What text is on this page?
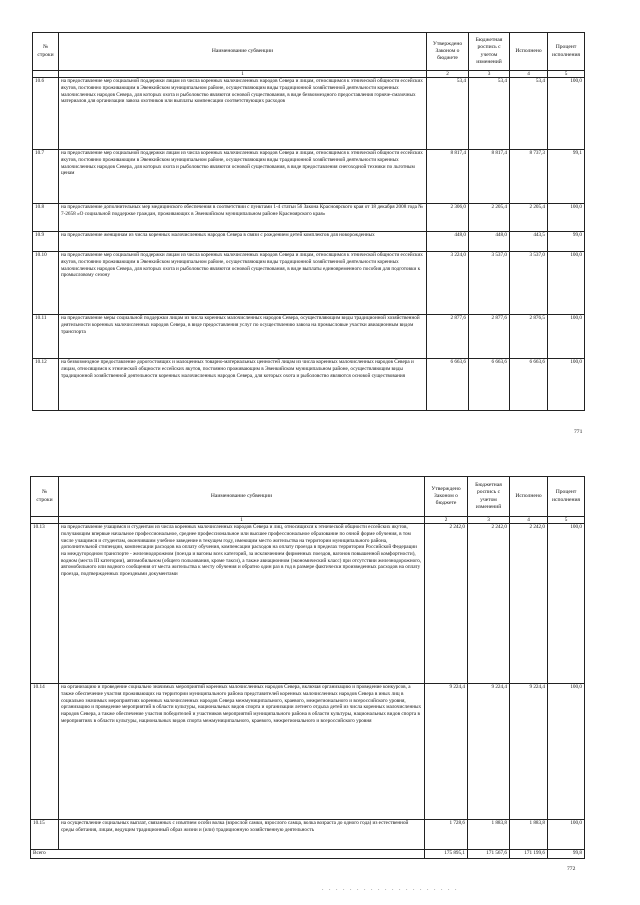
№ строки	Наименование субвенции	Утверждено Законом о бюджете	Бюджетная роспись с учетом изменений	Исполнено	Процент исполнения
	1	2	3	4	5
10.6	на предоставление мер социальной поддержки лицам из числа коренных малочисленных народов Севера и лицам, относящимся к этнической общности ессейских якутов, постоянно проживающим в Эвенкийском муниципальном районе, осуществляющим виды традиционной хозяйственной деятельности коренных малочисленных народов Севера, для которых охота и рыболовство являются основой существования, в виде безвозмездного предоставления горюче-смазочных материалов для организации завоза охотников или выплаты компенсации соответствующих расходов	53,4	53,4	53,4	100,0
10.7	на предоставление мер социальной поддержки лицам из числа коренных малочисленных народов Севера и лицам, относящимся к этнической общности ессейских якутов, постоянно проживающим в Эвенкийском муниципальном районе, осуществляющим виды традиционной хозяйственной деятельности коренных малочисленных народов Севера, для которых охота и рыболовство являются основой существования, в виде предоставления снегоходной техники по льготным ценам	8 817,4	8 817,4	8 737,3	99,1
10.8	на предоставление дополнительных мер медицинского обеспечения в соответствии с пунктами 1-4 статьи 56 Закона Красноярского края от 18 декабря 2008 года № 7-2658 «О социальной поддержке граждан, проживающих в Эвенкийском муниципальном районе Красноярского края»	2 306,0	2 205,4	2 205,4	100,0
10.9	на предоставление женщинам из числа коренных малочисленных народов Севера в связи с рождением детей комплектов для новорожденных	448,0	448,0	443,5	99,0
10.10	на предоставление мер социальной поддержки лицам из числа коренных малочисленных народов Севера и лицам, относящимся к этнической общности ессейских якутов, постоянно проживающим в Эвенкийском муниципальном районе, осуществляющим виды традиционной хозяйственной деятельности коренных малочисленных народов Севера, для которых охота и рыболовство являются основой существования, в виде выплаты единовременного пособия для подготовки к промысловому сезону	3 224,0	3 537,0	3 537,0	100,0
10.11	на предоставление меры социальной поддержки лицам из числа коренных малочисленных народов Севера, осуществляющим виды традиционной хозяйственной деятельности коренных малочисленных народов Севера, в виде предоставления услуг по осуществлению завоза на промысловые участки авиационным видом транспорта	2 877,6	2 877,6	2 876,5	100,0
10.12	на безвозмездное предоставление дорогостоящих и малоценных товарно-материальных ценностей лицам из числа коренных малочисленных народов Севера и лицам, относящимся к этнической общности ессейских якутов, постоянно проживающим в Эвенкийском муниципальном районе, осуществляющим виды традиционной хозяйственной деятельности коренных малочисленных народов Севера, для которых охота и рыболовство являются основой существования	6 663,6	6 663,6	6 663,6	100,0
771
№ строки	Наименование субвенции	Утверждено Законом о бюджете	Бюджетная роспись с учетом изменений	Исполнено	Процент исполнения
	1	2	3	4	5
10.13	на предоставление учащимся и студентам из числа коренных малочисленных народов Севера и лиц, относящихся к этнической общности ессейских якутов, получающим впервые начальное профессиональное, среднее профессиональное или высшее профессиональное образование по очной форме обучения, в том числе учащимся и студентам, окончившим учебное заведение в текущем году, имеющим место жительства на территории муниципального района, дополнительной стипендии, компенсации расходов на оплату обучения, компенсации расходов на оплату проезда в пределах территории Российской Федерации на междугородном транспорте - железнодорожном (поезда и вагоны всех категорий, за исключением фирменных поездов, вагонов повышенной комфортности), водном (места III категории), автомобильном (общего пользования, кроме такси), а также авиационном (экономический класс) при отсутствии железнодорожного, автомобильного или водного сообщения от места жительства к месту обучения и обратно один раз в год в размере фактически произведенных расходов на оплату проезда, подтвержденных проездными документами	2 242,0	2 242,0	2 242,0	100,0
10.14	на организацию и проведение социально значимых мероприятий коренных малочисленных народов Севера, включая организацию и проведение конкурсов, а также обеспечение участия проживающих на территории муниципального района представителей коренных малочисленных народов Севера в иных лиц в социально значимых мероприятиях коренных малочисленных народов Севера межмуниципального, краевого, межрегионального и всероссийского уровня, организацию и проведение мероприятий в области культуры, национальных видов спорта и организации летнего отдыха детей из числа коренных малочисленных народов Севера, а также обеспечение участия победителей и участников мероприятий муниципального района в области культуры, национальных видов спорта в мероприятиях в области культуры, национальных видов спорта межмуниципального, краевого, межрегионального и всероссийского уровня	9 224,4	9 224,4	9 224,4	100,0
10.15	на осуществление социальных выплат, связанных с изъятием особи волка (взрослой самки, взрослого самца, волка возраста до одного года) из естественной среды обитания, лицам, ведущим традиционный образ жизни и (или) традиционную хозяйственную деятельность	1 728,6	1 883,8	1 883,8	100,0
Всего		175 895,1	171 567,6	171 199,6	99,8
772
. . . . . . . . . . . . . . . . . . . .
